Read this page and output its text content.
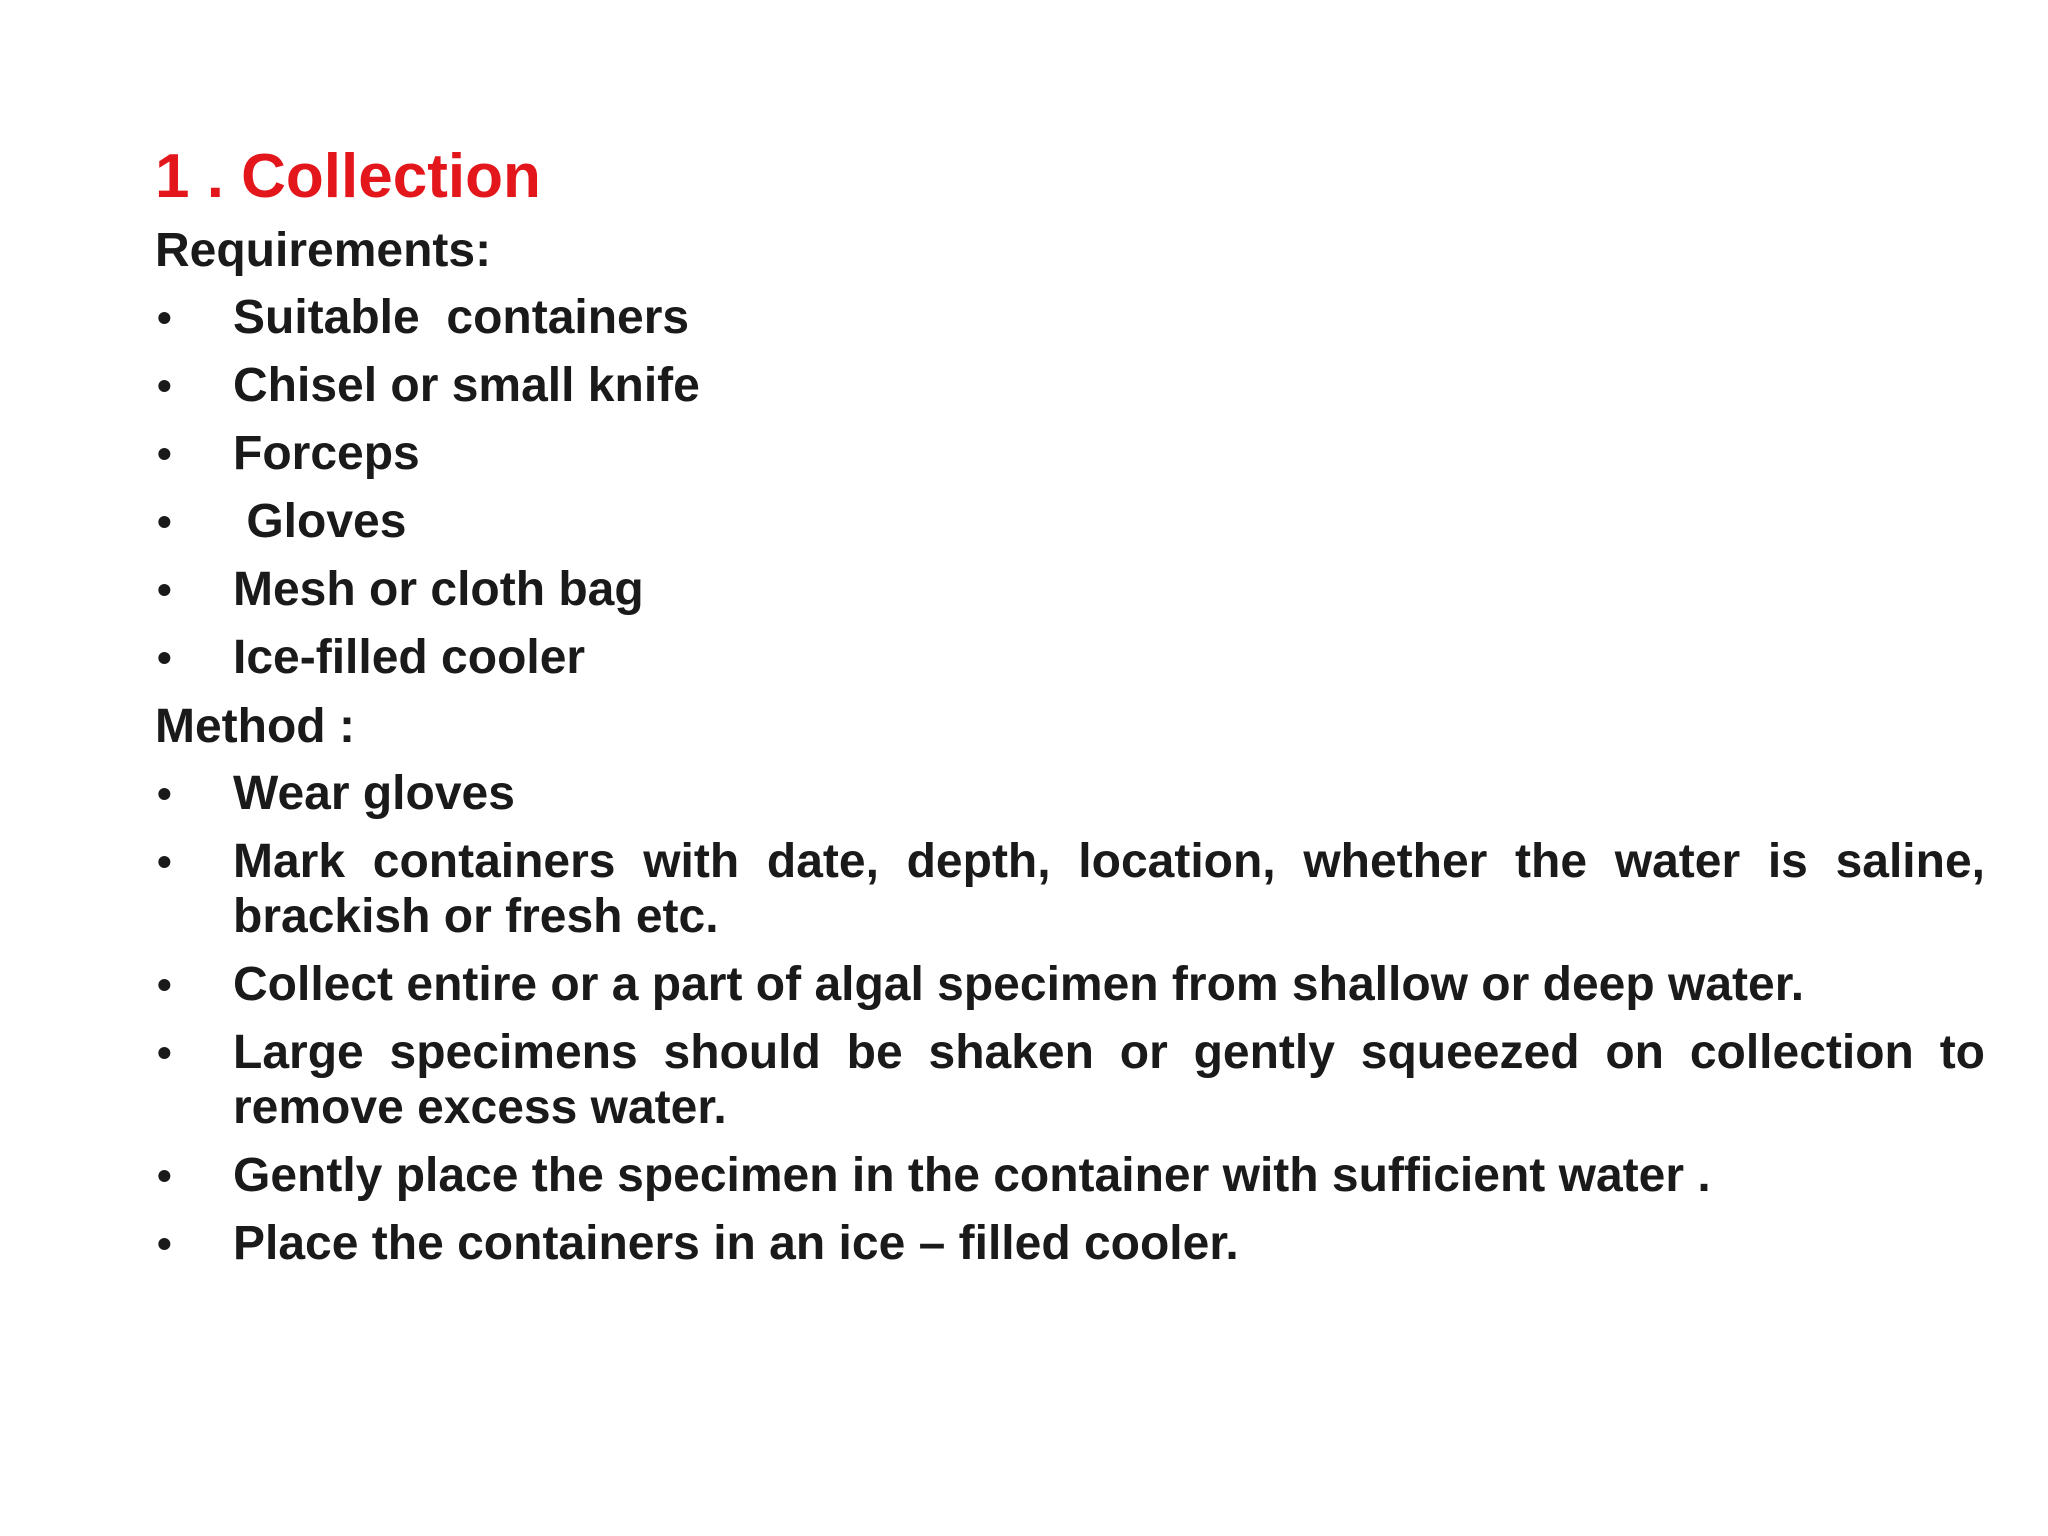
1 . Collection
Requirements:
• Suitable  containers
• Chisel or small knife
• Forceps
• Gloves
• Mesh or cloth bag
• Ice-filled cooler
Method :
• Wear gloves
• Mark containers with date, depth, location, whether the water is saline, brackish or fresh etc.
• Collect entire or a part of algal specimen from shallow or deep water.
• Large specimens should be shaken or gently squeezed on collection to remove excess water.
• Gently place the specimen in the container with sufficient water .
• Place the containers in an ice – filled cooler.
